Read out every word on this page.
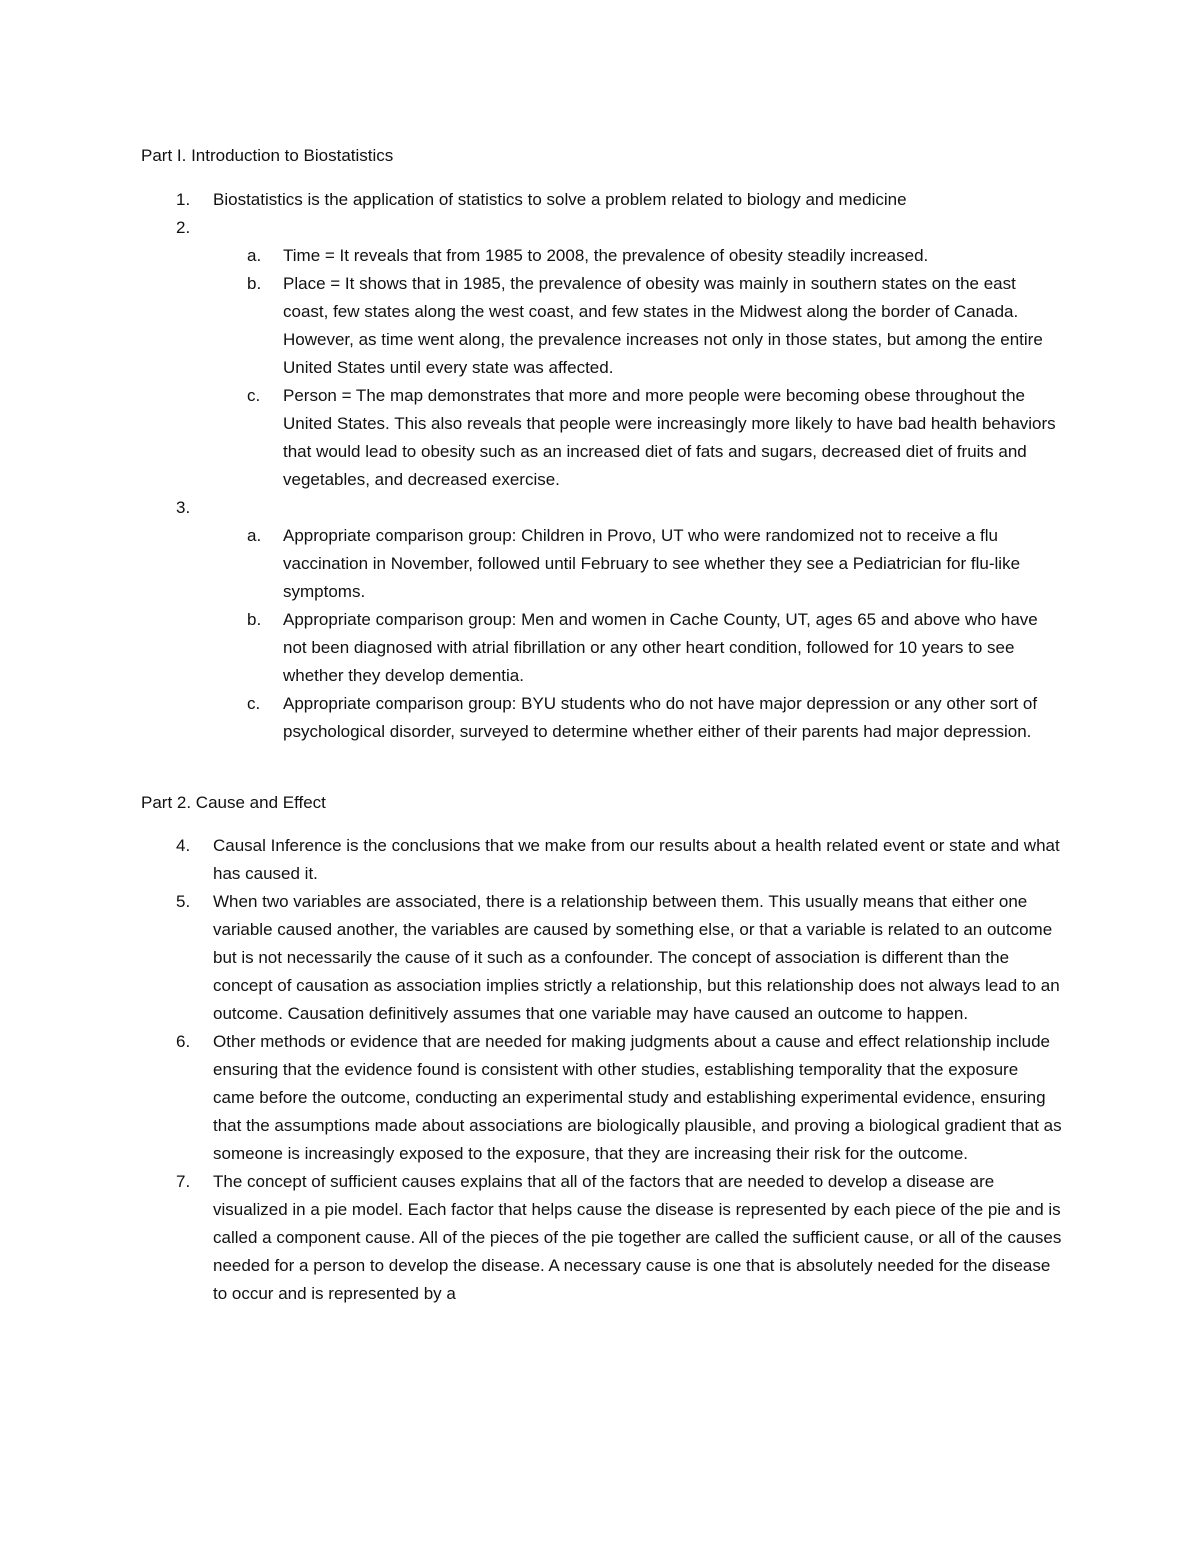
Part I. Introduction to Biostatistics
1. Biostatistics is the application of statistics to solve a problem related to biology and medicine
2.

a. Time = It reveals that from 1985 to 2008, the prevalence of obesity steadily increased.
b. Place = It shows that in 1985, the prevalence of obesity was mainly in southern states on the east coast, few states along the west coast, and few states in the Midwest along the border of Canada. However, as time went along, the prevalence increases not only in those states, but among the entire United States until every state was affected.
c. Person = The map demonstrates that more and more people were becoming obese throughout the United States. This also reveals that people were increasingly more likely to have bad health behaviors that would lead to obesity such as an increased diet of fats and sugars, decreased diet of fruits and vegetables, and decreased exercise.
3.

a. Appropriate comparison group: Children in Provo, UT who were randomized not to receive a flu vaccination in November, followed until February to see whether they see a Pediatrician for flu-like symptoms.
b. Appropriate comparison group: Men and women in Cache County, UT, ages 65 and above who have not been diagnosed with atrial fibrillation or any other heart condition, followed for 10 years to see whether they develop dementia.
c. Appropriate comparison group: BYU students who do not have major depression or any other sort of psychological disorder, surveyed to determine whether either of their parents had major depression.
Part 2. Cause and Effect
4. Causal Inference is the conclusions that we make from our results about a health related event or state and what has caused it.
5. When two variables are associated, there is a relationship between them. This usually means that either one variable caused another, the variables are caused by something else, or that a variable is related to an outcome but is not necessarily the cause of it such as a confounder. The concept of association is different than the concept of causation as association implies strictly a relationship, but this relationship does not always lead to an outcome. Causation definitively assumes that one variable may have caused an outcome to happen.
6. Other methods or evidence that are needed for making judgments about a cause and effect relationship include ensuring that the evidence found is consistent with other studies, establishing temporality that the exposure came before the outcome, conducting an experimental study and establishing experimental evidence, ensuring that the assumptions made about associations are biologically plausible, and proving a biological gradient that as someone is increasingly exposed to the exposure, that they are increasing their risk for the outcome.
7. The concept of sufficient causes explains that all of the factors that are needed to develop a disease are visualized in a pie model. Each factor that helps cause the disease is represented by each piece of the pie and is called a component cause. All of the pieces of the pie together are called the sufficient cause, or all of the causes needed for a person to develop the disease. A necessary cause is one that is absolutely needed for the disease to occur and is represented by a
